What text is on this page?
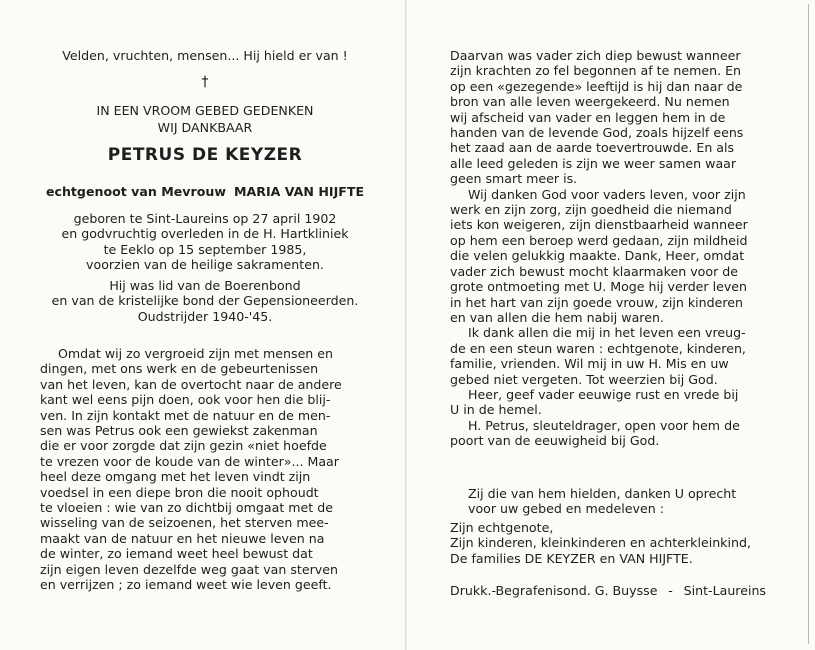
Velden, vruchten, mensen... Hij hield er van !
†
IN EEN VROOM GEBED GEDENKEN
WIJ DANKBAAR
PETRUS DE KEYZER
echtgenoot van Mevrouw MARIA VAN HIJFTE
geboren te Sint-Laureins op 27 april 1902
en godvruchtig overleden in de H. Hartkliniek
te Eeklo op 15 september 1985,
voorzien van de heilige sakramenten.
Hij was lid van de Boerenbond
en van de kristelijke bond der Gepensioneerden.
Oudstrijder 1940-'45.
Omdat wij zo vergroeid zijn met mensen en
dingen, met ons werk en de gebeurtenissen
van het leven, kan de overtocht naar de andere
kant wel eens pijn doen, ook voor hen die blij-
ven. In zijn kontakt met de natuur en de men-
sen was Petrus ook een gewiekst zakenman
die er voor zorgde dat zijn gezin «niet hoefde
te vrezen voor de koude van de winter»... Maar
heel deze omgang met het leven vindt zijn
voedsel in een diepe bron die nooit ophoudt
te vloeien : wie van zo dichtbij omgaat met de
wisseling van de seizoenen, het sterven mee-
maakt van de natuur en het nieuwe leven na
de winter, zo iemand weet heel bewust dat
zijn eigen leven dezelfde weg gaat van sterven
en verrijzen ; zo iemand weet wie leven geeft.
Daarvan was vader zich diep bewust wanneer
zijn krachten zo fel begonnen af te nemen. En
op een «gezegende» leeftijd is hij dan naar de
bron van alle leven weergekeerd. Nu nemen
wij afscheid van vader en leggen hem in de
handen van de levende God, zoals hijzelf eens
het zaad aan de aarde toevertrouwde. En als
alle leed geleden is zijn we weer samen waar
geen smart meer is.
Wij danken God voor vaders leven, voor zijn
werk en zijn zorg, zijn goedheid die niemand
iets kon weigeren, zijn dienstbaarheid wanneer
op hem een beroep werd gedaan, zijn mildheid
die velen gelukkig maakte. Dank, Heer, omdat
vader zich bewust mocht klaarmaken voor de
grote ontmoeting met U. Moge hij verder leven
in het hart van zijn goede vrouw, zijn kinderen
en van allen die hem nabij waren.
Ik dank allen die mij in het leven een vreug-
de en een steun waren : echtgenote, kinderen,
familie, vrienden. Wil mij in uw H. Mis en uw
gebed niet vergeten. Tot weerzien bij God.
Heer, geef vader eeuwige rust en vrede bij
U in de hemel.
H. Petrus, sleuteldrager, open voor hem de
poort van de eeuwigheid bij God.
Zij die van hem hielden, danken U oprecht
voor uw gebed en medeleven :
Zijn echtgenote,
Zijn kinderen, kleinkinderen en achterkleinkind,
De families DE KEYZER en VAN HIJFTE.
Drukk.-Begrafenisond. G. Buysse - Sint-Laureins
